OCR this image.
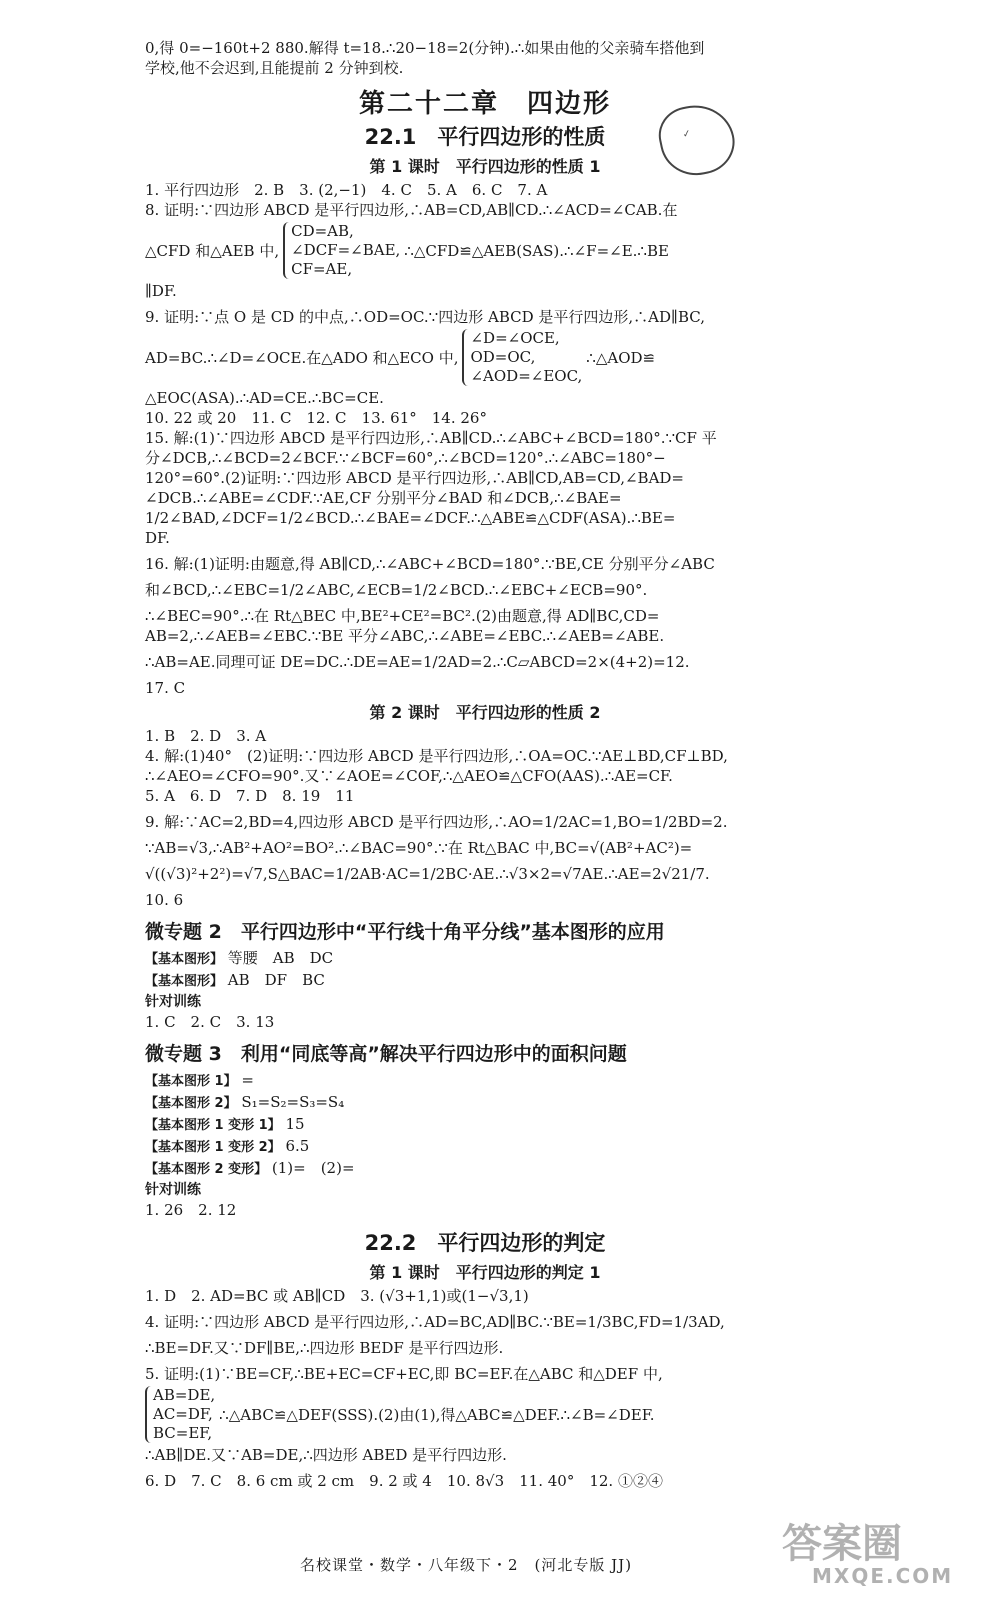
0,得 0=−160t+2 880.解得 t=18.∴20−18=2(分钟).∴如果由他的父亲骑车搭他到

学校,他不会迟到,且能提前 2 分钟到校.

第二十二章　四边形
22.1　平行四边形的性质
第 1 课时　平行四边形的性质 1

1. 平行四边形　2. B　3. (2,−1)　4. C　5. A　6. C　7. A

8. 证明:∵四边形 ABCD 是平行四边形,∴AB=CD,AB∥CD.∴∠ACD=∠CAB.在

△CFD 和△AEB 中,
CD=AB,
∠DCF=∠BAE,
CF=AE,
∴△CFD≌△AEB(SAS).∴∠F=∠E.∴BE

∥DF.

9. 证明:∵点 O 是 CD 的中点,∴OD=OC.∵四边形 ABCD 是平行四边形,∴AD∥BC,

AD=BC.∴∠D=∠OCE.在△ADO 和△ECO 中,
∠D=∠OCE,
OD=OC,
∠AOD=∠EOC,
∴△AOD≌

△EOC(ASA).∴AD=CE.∴BC=CE.

10. 22 或 20　11. C　12. C　13. 61°　14. 26°

15. 解:(1)∵四边形 ABCD 是平行四边形,∴AB∥CD.∴∠ABC+∠BCD=180°.∵CF 平

分∠DCB,∴∠BCD=2∠BCF.∵∠BCF=60°,∴∠BCD=120°.∴∠ABC=180°−

120°=60°.(2)证明:∵四边形 ABCD 是平行四边形,∴AB∥CD,AB=CD,∠BAD=

∠DCB.∴∠ABE=∠CDF.∵AE,CF 分别平分∠BAD 和∠DCB,∴∠BAE=

1/2∠BAD,∠DCF=1/2∠BCD.∴∠BAE=∠DCF.∴△ABE≌△CDF(ASA).∴BE=

DF.

16. 解:(1)证明:由题意,得 AB∥CD,∴∠ABC+∠BCD=180°.∵BE,CE 分别平分∠ABC

和∠BCD,∴∠EBC=1/2∠ABC,∠ECB=1/2∠BCD.∴∠EBC+∠ECB=90°.

∴∠BEC=90°.∴在 Rt△BEC 中,BE²+CE²=BC².(2)由题意,得 AD∥BC,CD=

AB=2,∴∠AEB=∠EBC.∵BE 平分∠ABC,∴∠ABE=∠EBC.∴∠AEB=∠ABE.

∴AB=AE.同理可证 DE=DC.∴DE=AE=1/2AD=2.∴C▱ABCD=2×(4+2)=12.

17. C

第 2 课时　平行四边形的性质 2

1. B　2. D　3. A

4. 解:(1)40°　(2)证明:∵四边形 ABCD 是平行四边形,∴OA=OC.∵AE⊥BD,CF⊥BD,

∴∠AEO=∠CFO=90°.又∵∠AOE=∠COF,∴△AEO≌△CFO(AAS).∴AE=CF.

5. A　6. D　7. D　8. 19　11

9. 解:∵AC=2,BD=4,四边形 ABCD 是平行四边形,∴AO=1/2AC=1,BO=1/2BD=2.

∵AB=√3,∴AB²+AO²=BO².∴∠BAC=90°.∵在 Rt△BAC 中,BC=√(AB²+AC²)=

√((√3)²+2²)=√7,S△BAC=1/2AB·AC=1/2BC·AE.∴√3×2=√7AE.∴AE=2√21/7.

10. 6

微专题 2　平行四边形中“平行线十角平分线”基本图形的应用

【基本图形】 等腰　AB　DC

【基本图形】 AB　DF　BC

针对训练

1. C　2. C　3. 13

微专题 3　利用“同底等高”解决平行四边形中的面积问题

【基本图形 1】 =

【基本图形 2】 S₁=S₂=S₃=S₄

【基本图形 1 变形 1】 15

【基本图形 1 变形 2】 6.5

【基本图形 2 变形】 (1)=　(2)=

针对训练

1. 26　2. 12

22.2　平行四边形的判定
第 1 课时　平行四边形的判定 1

1. D　2. AD=BC 或 AB∥CD　3. (√3+1,1)或(1−√3,1)

4. 证明:∵四边形 ABCD 是平行四边形,∴AD=BC,AD∥BC.∵BE=1/3BC,FD=1/3AD,

∴BE=DF.又∵DF∥BE,∴四边形 BEDF 是平行四边形.

5. 证明:(1)∵BE=CF,∴BE+EC=CF+EC,即 BC=EF.在△ABC 和△DEF 中,

AB=DE,
AC=DF,
BC=EF,
∴△ABC≌△DEF(SSS).(2)由(1),得△ABC≌△DEF.∴∠B=∠DEF.

∴AB∥DE.又∵AB=DE,∴四边形 ABED 是平行四边形.

6. D　7. C　8. 6 cm 或 2 cm　9. 2 或 4　10. 8√3　11. 40°　12. ①②④

✓
名校课堂・数学・八年级下・2　(河北专版 JJ)	答案圈
MXQE.COM
